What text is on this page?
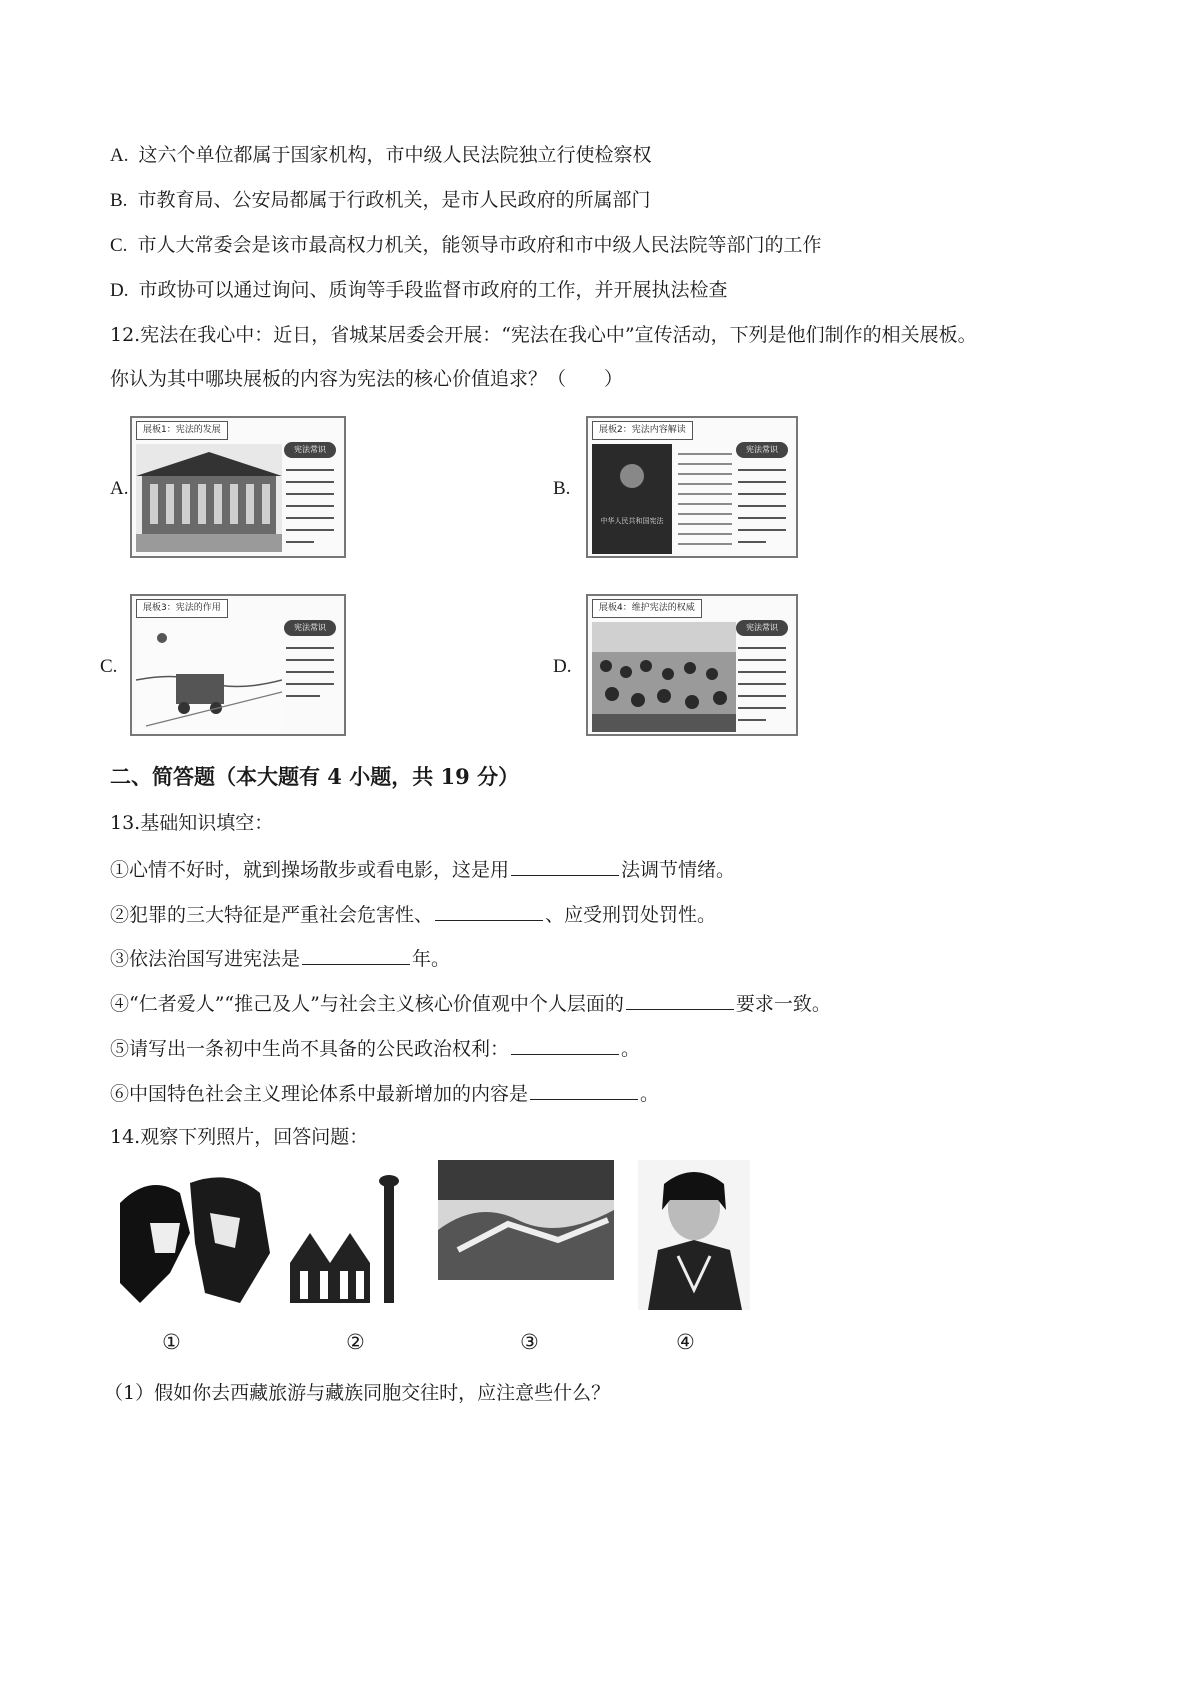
A. 这六个单位都属于国家机构，市中级人民法院独立行使检察权
B. 市教育局、公安局都属于行政机关，是市人民政府的所属部门
C. 市人大常委会是该市最高权力机关，能领导市政府和市中级人民法院等部门的工作
D. 市政协可以通过询问、质询等手段监督市政府的工作，并开展执法检查
12.宪法在我心中：近日，省城某居委会开展：“宪法在我心中”宣传活动，下列是他们制作的相关展板。
你认为其中哪块展板的内容为宪法的核心价值追求？（　　）
A.
展板1：宪法的发展
宪法常识
B.
展板2：宪法内容解读
宪法常识
中华人民共和国宪法
C.
展板3：宪法的作用
宪法常识
D.
展板4：维护宪法的权威
宪法常识
二、简答题（本大题有 4 小题，共 19 分）
13.基础知识填空：
①心情不好时，就到操场散步或看电影，这是用	法调节情绪。
②犯罪的三大特征是严重社会危害性、	、应受刑罚处罚性。
③依法治国写进宪法是	年。
④“仁者爱人”“推己及人”与社会主义核心价值观中个人层面的	要求一致。
⑤请写出一条初中生尚不具备的公民政治权利：	。
⑥中国特色社会主义理论体系中最新增加的内容是	。
14.观察下列照片，回答问题：
①	②	③	④
（1）假如你去西藏旅游与藏族同胞交往时，应注意些什么？
